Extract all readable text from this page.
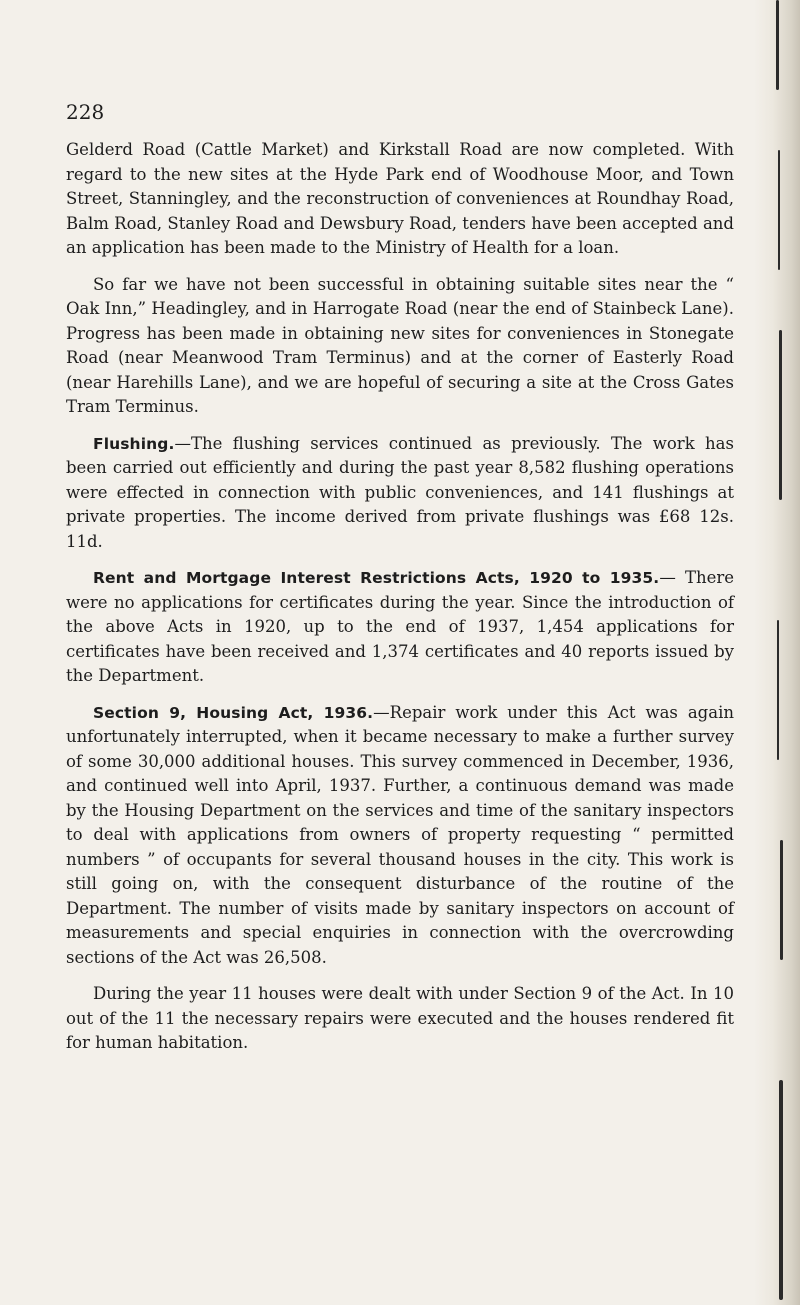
228

Gelderd Road (Cattle Market) and Kirkstall Road are now completed. With regard to the new sites at the Hyde Park end of Woodhouse Moor, and Town Street, Stanningley, and the reconstruction of conveniences at Roundhay Road, Balm Road, Stanley Road and Dewsbury Road, tenders have been accepted and an application has been made to the Ministry of Health for a loan.

So far we have not been successful in obtaining suitable sites near the “ Oak Inn,” Headingley, and in Harrogate Road (near the end of Stainbeck Lane). Progress has been made in obtaining new sites for conveniences in Stonegate Road (near Meanwood Tram Terminus) and at the corner of Easterly Road (near Harehills Lane), and we are hopeful of securing a site at the Cross Gates Tram Terminus.

Flushing.—The flushing services continued as previously. The work has been carried out efficiently and during the past year 8,582 flushing operations were effected in connection with public conveniences, and 141 flushings at private properties. The income derived from private flushings was £68 12s. 11d.

Rent and Mortgage Interest Restrictions Acts, 1920 to 1935.— There were no applications for certificates during the year. Since the introduction of the above Acts in 1920, up to the end of 1937, 1,454 applications for certificates have been received and 1,374 certificates and 40 reports issued by the Department.

Section 9, Housing Act, 1936.—Repair work under this Act was again unfortunately interrupted, when it became necessary to make a further survey of some 30,000 additional houses. This survey commenced in December, 1936, and continued well into April, 1937. Further, a continuous demand was made by the Housing Department on the services and time of the sanitary inspectors to deal with applications from owners of property requesting “ permitted numbers ” of occupants for several thousand houses in the city. This work is still going on, with the consequent disturbance of the routine of the Department. The number of visits made by sanitary inspectors on account of measurements and special enquiries in connection with the overcrowding sections of the Act was 26,508.

During the year 11 houses were dealt with under Section 9 of the Act. In 10 out of the 11 the necessary repairs were executed and the houses rendered fit for human habitation.
